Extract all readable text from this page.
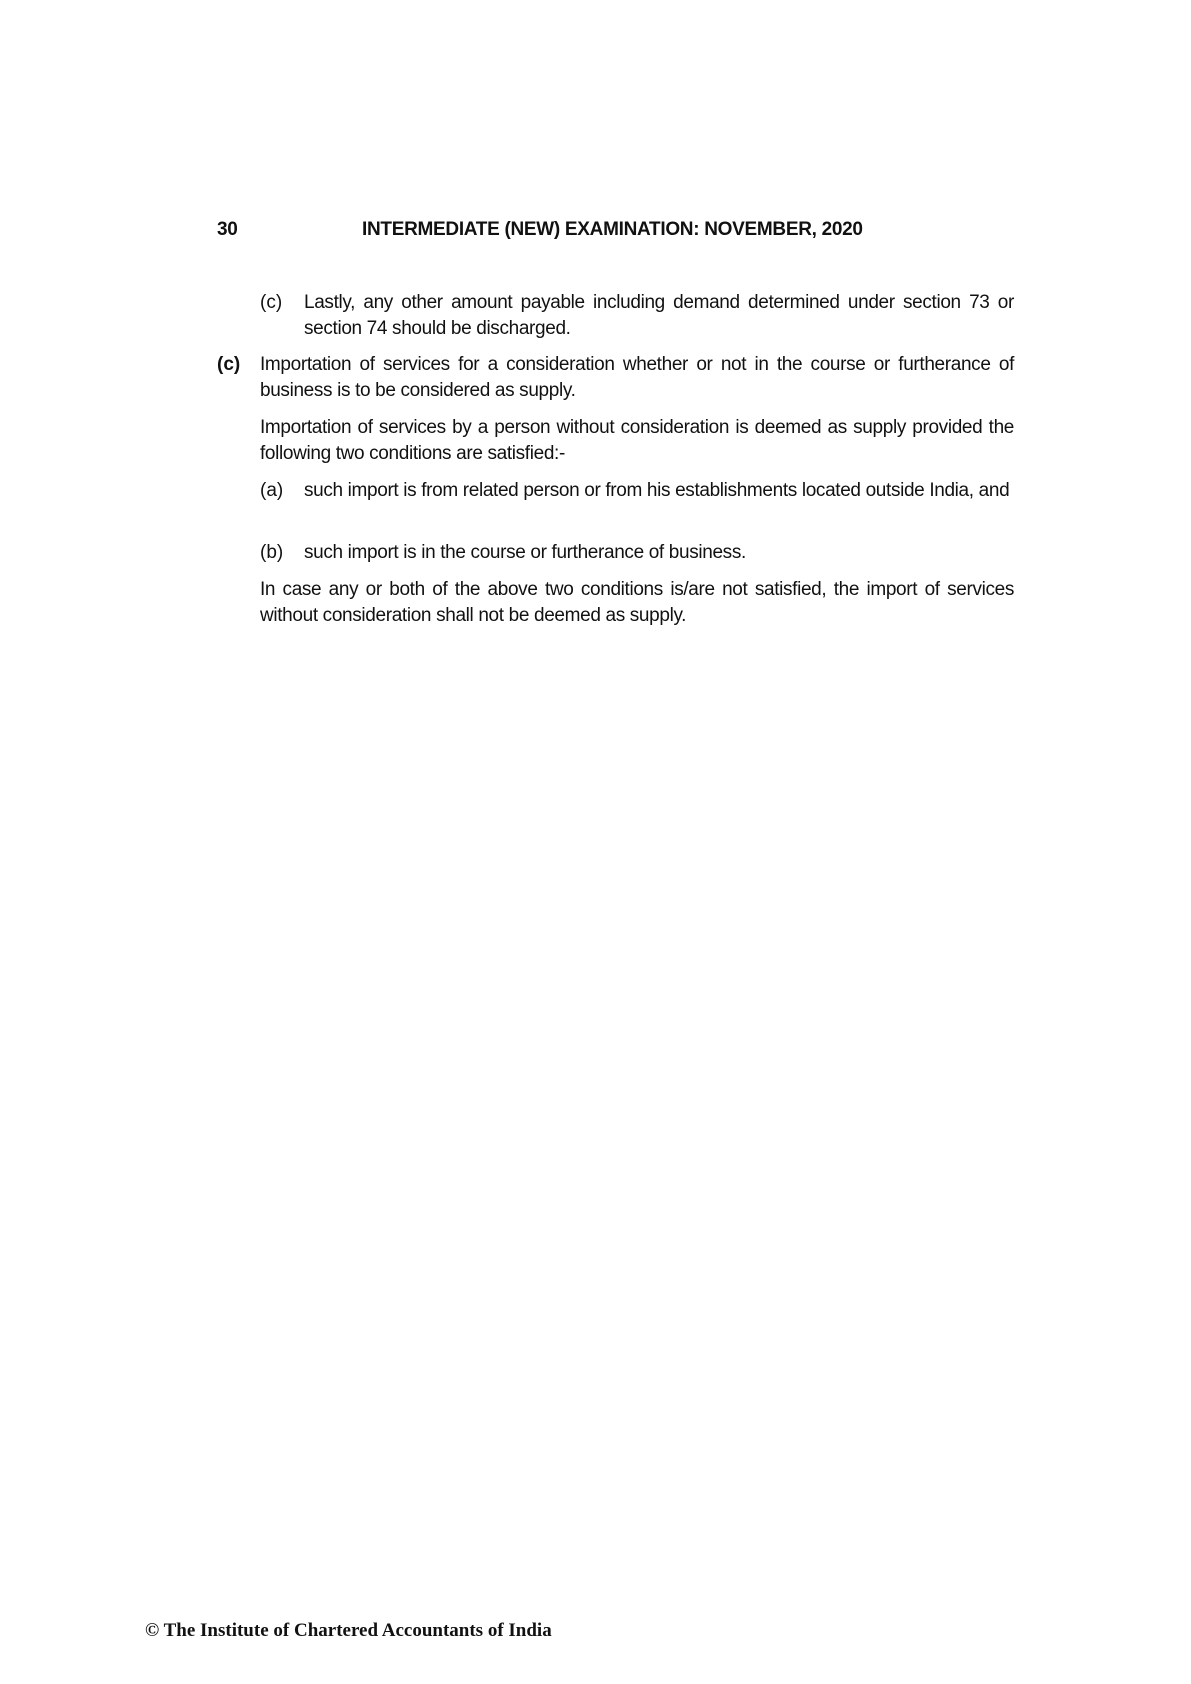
30	INTERMEDIATE (NEW) EXAMINATION: NOVEMBER, 2020
(c) Lastly, any other amount payable including demand determined under section 73 or section 74 should be discharged.
(c) Importation of services for a consideration whether or not in the course or furtherance of business is to be considered as supply.
Importation of services by a person without consideration is deemed as supply provided the following two conditions are satisfied:-
(a) such import is from related person or from his establishments located outside India, and
(b) such import is in the course or furtherance of business.
In case any or both of the above two conditions is/are not satisfied, the import of services without consideration shall not be deemed as supply.
© The Institute of Chartered Accountants of India
